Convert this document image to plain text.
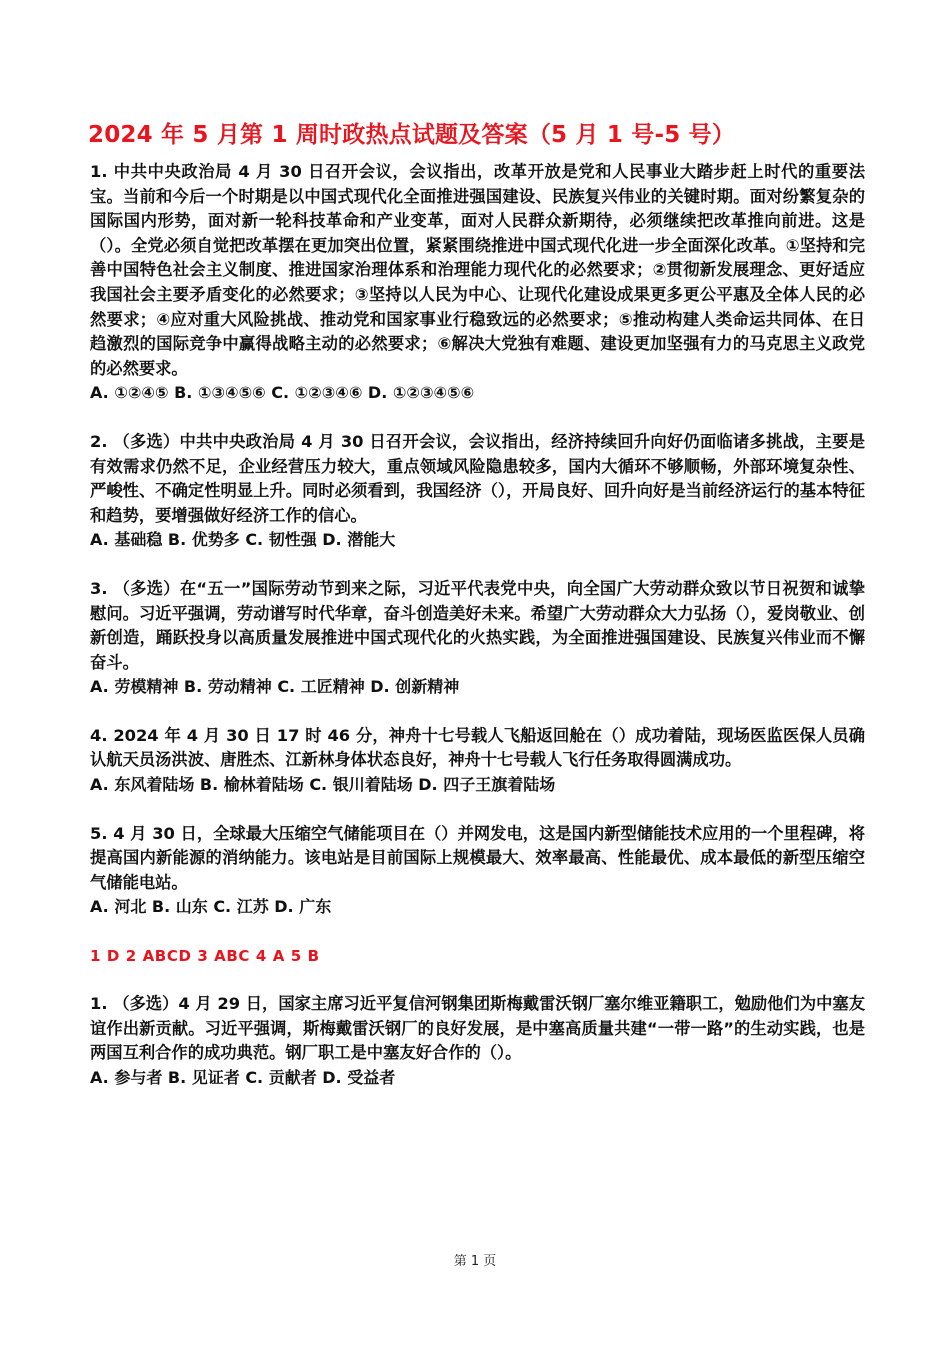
2024 年 5 月第 1 周时政热点试题及答案（5 月 1 号-5 号）

1. 中共中央政治局 4 月 30 日召开会议，会议指出，改革开放是党和人民事业大踏步赶上时代的重要法宝。当前和今后一个时期是以中国式现代化全面推进强国建设、民族复兴伟业的关键时期。面对纷繁复杂的国际国内形势，面对新一轮科技革命和产业变革，面对人民群众新期待，必须继续把改革推向前进。这是（）。全党必须自觉把改革摆在更加突出位置，紧紧围绕推进中国式现代化进一步全面深化改革。①坚持和完善中国特色社会主义制度、推进国家治理体系和治理能力现代化的必然要求；②贯彻新发展理念、更好适应我国社会主要矛盾变化的必然要求；③坚持以人民为中心、让现代化建设成果更多更公平惠及全体人民的必然要求；④应对重大风险挑战、推动党和国家事业行稳致远的必然要求；⑤推动构建人类命运共同体、在日趋激烈的国际竞争中赢得战略主动的必然要求；⑥解决大党独有难题、建设更加坚强有力的马克思主义政党的必然要求。

A. ①②④⑤ B. ①③④⑤⑥ C. ①②③④⑥ D. ①②③④⑤⑥

2. （多选）中共中央政治局 4 月 30 日召开会议，会议指出，经济持续回升向好仍面临诸多挑战，主要是有效需求仍然不足，企业经营压力较大，重点领域风险隐患较多，国内大循环不够顺畅，外部环境复杂性、严峻性、不确定性明显上升。同时必须看到，我国经济（），开局良好、回升向好是当前经济运行的基本特征和趋势，要增强做好经济工作的信心。

A. 基础稳 B. 优势多 C. 韧性强 D. 潜能大

3. （多选）在“五一”国际劳动节到来之际，习近平代表党中央，向全国广大劳动群众致以节日祝贺和诚挚慰问。习近平强调，劳动谱写时代华章，奋斗创造美好未来。希望广大劳动群众大力弘扬（），爱岗敬业、创新创造，踊跃投身以高质量发展推进中国式现代化的火热实践，为全面推进强国建设、民族复兴伟业而不懈奋斗。

A. 劳模精神 B. 劳动精神 C. 工匠精神 D. 创新精神

4. 2024 年 4 月 30 日 17 时 46 分，神舟十七号载人飞船返回舱在（）成功着陆，现场医监医保人员确认航天员汤洪波、唐胜杰、江新林身体状态良好，神舟十七号载人飞行任务取得圆满成功。

A. 东风着陆场 B. 榆林着陆场 C. 银川着陆场 D. 四子王旗着陆场

5. 4 月 30 日，全球最大压缩空气储能项目在（）并网发电，这是国内新型储能技术应用的一个里程碑，将提高国内新能源的消纳能力。该电站是目前国际上规模最大、效率最高、性能最优、成本最低的新型压缩空气储能电站。

A. 河北 B. 山东 C. 江苏 D. 广东

1 D 2 ABCD 3 ABC 4 A 5 B

1. （多选）4 月 29 日，国家主席习近平复信河钢集团斯梅戴雷沃钢厂塞尔维亚籍职工，勉励他们为中塞友谊作出新贡献。习近平强调，斯梅戴雷沃钢厂的良好发展，是中塞高质量共建“一带一路”的生动实践，也是两国互利合作的成功典范。钢厂职工是中塞友好合作的（）。

A. 参与者 B. 见证者 C. 贡献者 D. 受益者

第 1 页
